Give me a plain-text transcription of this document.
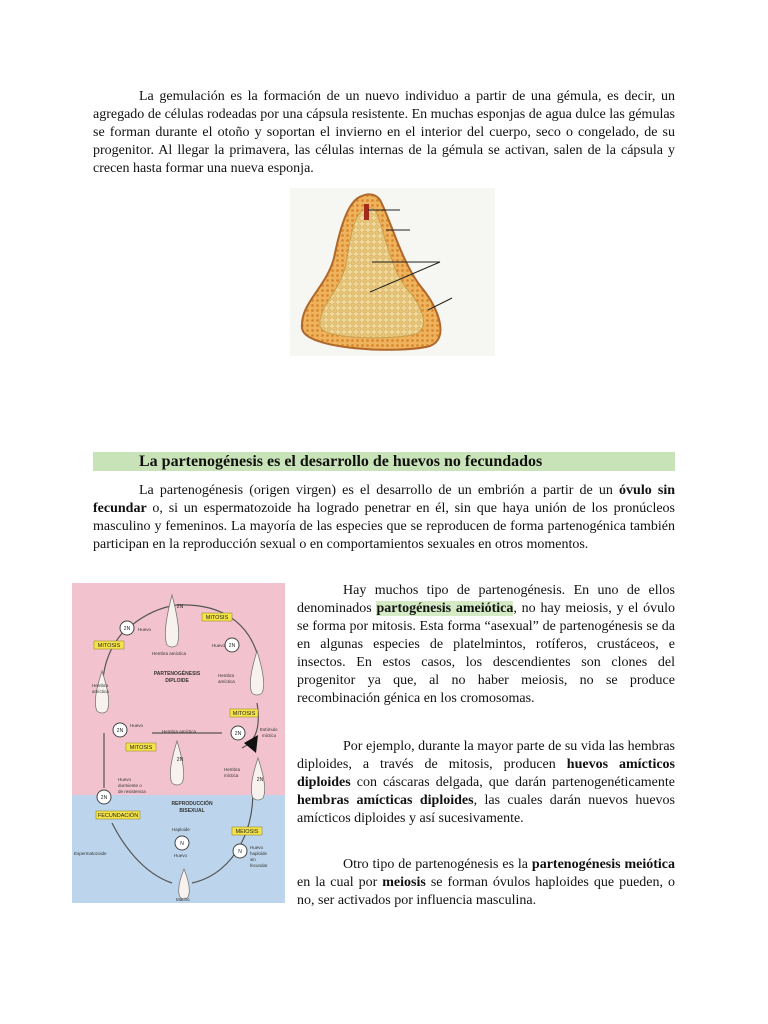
La gemulación es la formación de un nuevo individuo a partir de una gémula, es decir, un agregado de células rodeadas por una cápsula resistente. En muchas esponjas de agua dulce las gémulas se forman durante el otoño y soportan el invierno en el interior del cuerpo, seco o congelado, de su progenitor. Al llegar la primavera, las células internas de la gémula se activan, salen de la cápsula y crecen hasta formar una nueva esponja.

La partenogénesis es el desarrollo de huevos no fecundados

La partenogénesis (origen virgen) es el desarrollo de un embrión a partir de un óvulo sin fecundar o, si un espermatozoide ha logrado penetrar en él, sin que haya unión de los pronúcleos masculino y femeninos. La mayoría de las especies que se reproducen de forma partenogénica también participan en la reproducción sexual o en comportamientos sexuales en otros momentos.

2N
2N
2N	2N
2N
N
N
2N
2N
2N
MITOSIS
MITOSIS
MITOSIS
MITOSIS
FECUNDACIÓN
MEIOSIS
PARTENOGÉNESIS
DIPLOIDE
REPRODUCCIÓN
BISEXUAL
Huevo
Huevo
Huevo
Hembra amíctica
Hembra amíctica
Hembra
amíctica
Hembra
amíctica
Estímulo
míctico
Hembra
míctica
Huevo
durmiente o
de resistencia
Haploide
Espermatozoide	Huevo
Huevo
haploide
sin
fecundar
Macho

Hay muchos tipo de partenogénesis. En uno de ellos denominados partogénesis ameiótica, no hay meiosis, y el óvulo se forma por mitosis. Esta forma “asexual” de partenogénesis se da en algunas especies de platelmintos, rotíferos, crustáceos, e insectos. En estos casos, los descendientes son clones del progenitor ya que, al no haber meiosis, no se produce recombinación génica en los cromosomas.

Por ejemplo, durante la mayor parte de su vida las hembras diploides, a través de mitosis, producen huevos amícticos diploides con cáscaras delgada, que darán partenogenéticamente hembras amícticas diploides, las cuales darán nuevos huevos amícticos diploides y así sucesivamente.

Otro tipo de partenogénesis es la partenogénesis meiótica en la cual por meiosis se forman óvulos haploides que pueden, o no, ser activados por influencia masculina.
